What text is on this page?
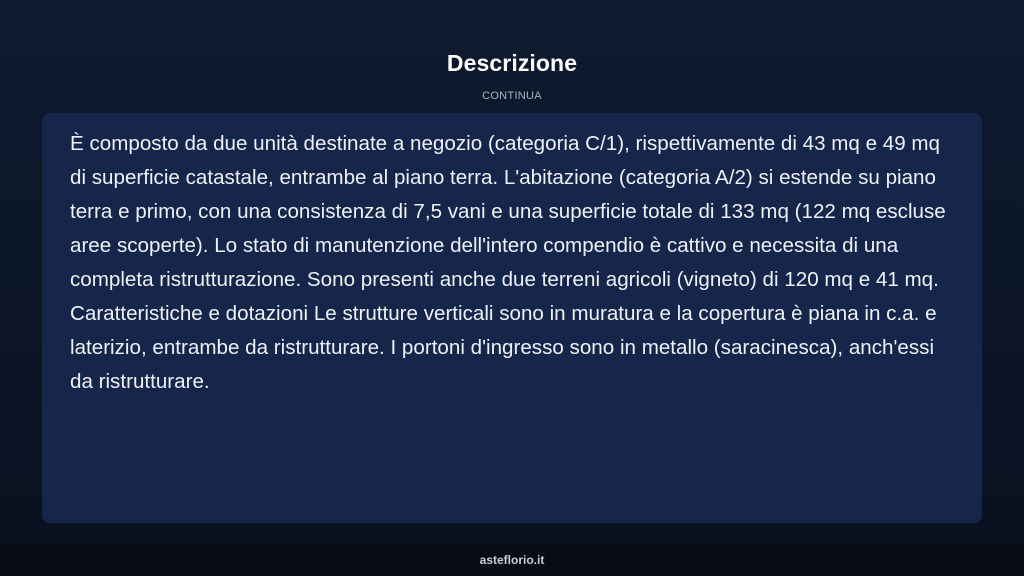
Descrizione
CONTINUA

È composto da due unità destinate a negozio (categoria C/1), rispettivamente di 43 mq e 49 mq di superficie catastale, entrambe al piano terra. L'abitazione (categoria A/2) si estende su piano terra e primo, con una consistenza di 7,5 vani e una superficie totale di 133 mq (122 mq escluse aree scoperte). Lo stato di manutenzione dell'intero compendio è cattivo e necessita di una completa ristrutturazione. Sono presenti anche due terreni agricoli (vigneto) di 120 mq e 41 mq. Caratteristiche e dotazioni Le strutture verticali sono in muratura e la copertura è piana in c.a. e laterizio, entrambe da ristrutturare. I portoni d'ingresso sono in metallo (saracinesca), anch'essi da ristrutturare.

asteflorio.it
